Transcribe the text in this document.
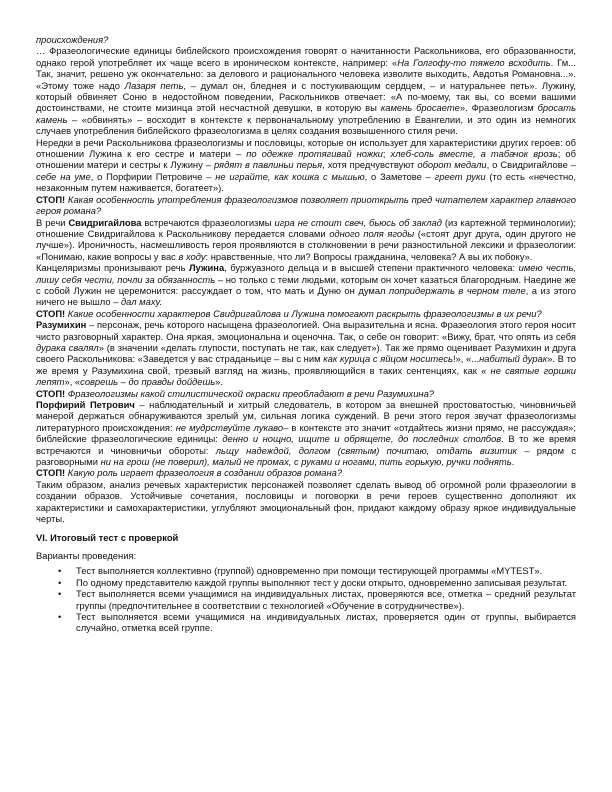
происхождения?

… Фразеологические единицы библейского происхождения говорят о начитанности Раскольникова, его образованности, однако герой употребляет их чаще всего в ироническом контексте, например: «На Голгофу-то тяжело всходить. Гм... Так, значит, решено уж окончательно: за делового и рационального человека изволите выходить, Авдотья Романовна...». «Этому тоже надо Лазаря петь, – думал он, бледнея и с постукивающим сердцем, – и натуральнее петь». Лужину, который обвиняет Соню в недостойном поведении, Раскольников отвечает: «А по-моему, так вы, со всеми вашими достоинствами, не стоите мизинца этой несчастной девушки, в которую вы камень бросаете». Фразеологизм бросать камень – «обвинять» – восходит в контексте к первоначальному употреблению в Евангелии, и это один из немногих случаев употребления библейского фразеологизма в целях создания возвышенного стиля речи.

Нередки в речи Раскольникова фразеологизмы и пословицы, которые он использует для характеристики других героев: об отношении Лужина к его сестре и матери – по одежке протягивай ножки; хлеб-соль вместе, а табачок врозь; об отношении матери и сестры к Лужину – рядят в павлиньи перья, хотя предчувствуют оборот медали, о Свидригайлове – себе на уме, о Порфирии Петровиче – не играйте, как кошка с мышью, о Заметове – греет руки (то есть «нечестно, незаконным путем наживается, богатеет»).

СТОП! Какая особенность употребления фразеологизмов позволяет приоткрыть пред читателем характер главного героя романа?

В речи Свидригайлова встречаются фразеологизмы игра не стоит свеч, бьюсь об заклад (из картежной терминологии); отношение Свидригайлова к Раскольникову передается словами одного поля ягоды («стоят друг друга, один другого не лучше»). Ироничность, насмешливость героя проявляются в столкновении в речи разностильной лексики и фразеологии: «Понимаю, какие вопросы у вас в ходу: нравственные, что ли? Вопросы гражданина, человека? А вы их побоку».

Канцеляризмы пронизывают речь Лужина, буржуазного дельца и в высшей степени практичного человека: имею честь, лишу себя чести, почли за обязанность – но только с теми людьми, которым он хочет казаться благородным. Наедине же с собой Лужин не церемонится: рассуждает о том, что мать и Дуню он думал попридержать в черном теле, а из этого ничего не вышло – дал маху.

СТОП! Какие особенности характеров Свидригайлова и Лужина помогают раскрыть фразеологизмы в их речи?

Разумихин – персонаж, речь которого насыщена фразеологией. Она выразительна и ясна. Фразеология этого героя носит чисто разговорный характер. Она яркая, эмоциональна и оценочна. Так, о себе он говорит: «Вижу, брат, что опять из себя дурака свалял» (в значении «делать глупости, поступать не так, как следует»). Так же прямо оценивает Разумихин и друга своего Раскольникова: «Заведется у вас страданьице – вы с ним как курица с яйцом носитесь!», «...набитый дурак». В то же время у Разумихина свой, трезвый взгляд на жизнь, проявляющийся в таких сентенциях, как « не святые горшки лепят», «соврешь – до правды дойдешь».

СТОП! Фразеологизмы какой стилистической окраски преобладают в речи Разумихина?

Порфирий Петрович – наблюдательный и хитрый следователь, в котором за внешней простоватостью, чиновничьей манерой держаться обнаруживаются зрелый ум, сильная логика суждений. В речи этого героя звучат фразеологизмы литературного происхождения: не мудрствуйте лукаво– в контексте это значит «отдайтесь жизни прямо, не рассуждая»; библейские фразеологические единицы: денно и нощно, ищите и обрящете, до последних столбов. В то же время встречаются и чиновничьи обороты: льщу надеждой, долгом (святым) почитаю, отдать визитик – рядом с разговорными ни на грош (не поверил), малый не промах, с руками и ногами, пить горькую, ручки поднять.

СТОП! Какую роль играет фразеология в создании образов романа?

Таким образом, анализ речевых характеристик персонажей позволяет сделать вывод об огромной роли фразеологии в создании образов. Устойчивые сочетания, пословицы и поговорки в речи героев существенно дополняют их характеристики и самохарактеристики, углубляют эмоциональный фон, придают каждому образу яркое индивидуальные черты.

VI. Итоговый тест с проверкой

Варианты проведения:

• Тест выполняется коллективно (группой) одновременно при помощи тестирующей программы «MYTEST».
• По одному представителю каждой группы выполняют тест у доски открыто, одновременно записывая результат.
• Тест выполняется всеми учащимися на индивидуальных листах, проверяются все, отметка – средний результат группы (предпочтительнее в соответствии с технологией «Обучение в сотрудничестве»).
• Тест выполняется всеми учащимися на индивидуальных листах, проверяется один от группы, выбирается случайно, отметка всей группе.
